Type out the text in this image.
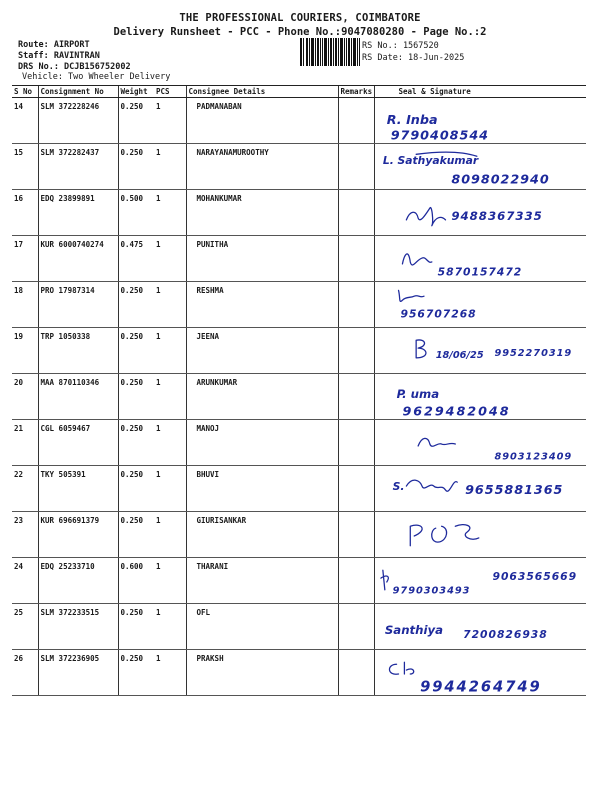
THE PROFESSIONAL COURIERS, COIMBATORE
Delivery Runsheet - PCC - Phone No.:9047080280 - Page No.:2
Route: AIRPORT
Staff: RAVINTRAN
DRS No.: DCJB156752002
Vehicle: Two Wheeler Delivery
RS No.: 1567520
RS Date: 18-Jun-2025
S No	Consignment No	Weight	PCS	Consignee Details	Remarks	Seal & Signature
14	SLM 372228246	0.250	1	PADMANABAN		R. Inba
9790408544

15	SLM 372282437	0.250	1	NARAYANAMUROOTHY		L. Sathyakumar
8098022940

16	EDQ 23899891	0.500	1	MOHANKUMAR		9488367335

17	KUR 6000740274	0.475	1	PUNITHA		5870157472

18	PRO 17987314	0.250	1	RESHMA		956707268

19	TRP 1050338	0.250	1	JEENA		18/06/25 9952270319

20	MAA 870110346	0.250	1	ARUNKUMAR		P. uma
9629482048

21	CGL 6059467	0.250	1	MANOJ		8903123409

22	TKY 505391	0.250	1	BHUVI		S. 9655881365

23	KUR 696691379	0.250	1	GIURISANKAR		

24	EDQ 25233710	0.600	1	THARANI		9790303493
9063565669

25	SLM 372233515	0.250	1	OFL		Santhiya 7200826938

26	SLM 372236905	0.250	1	PRAKSH		9944264749
